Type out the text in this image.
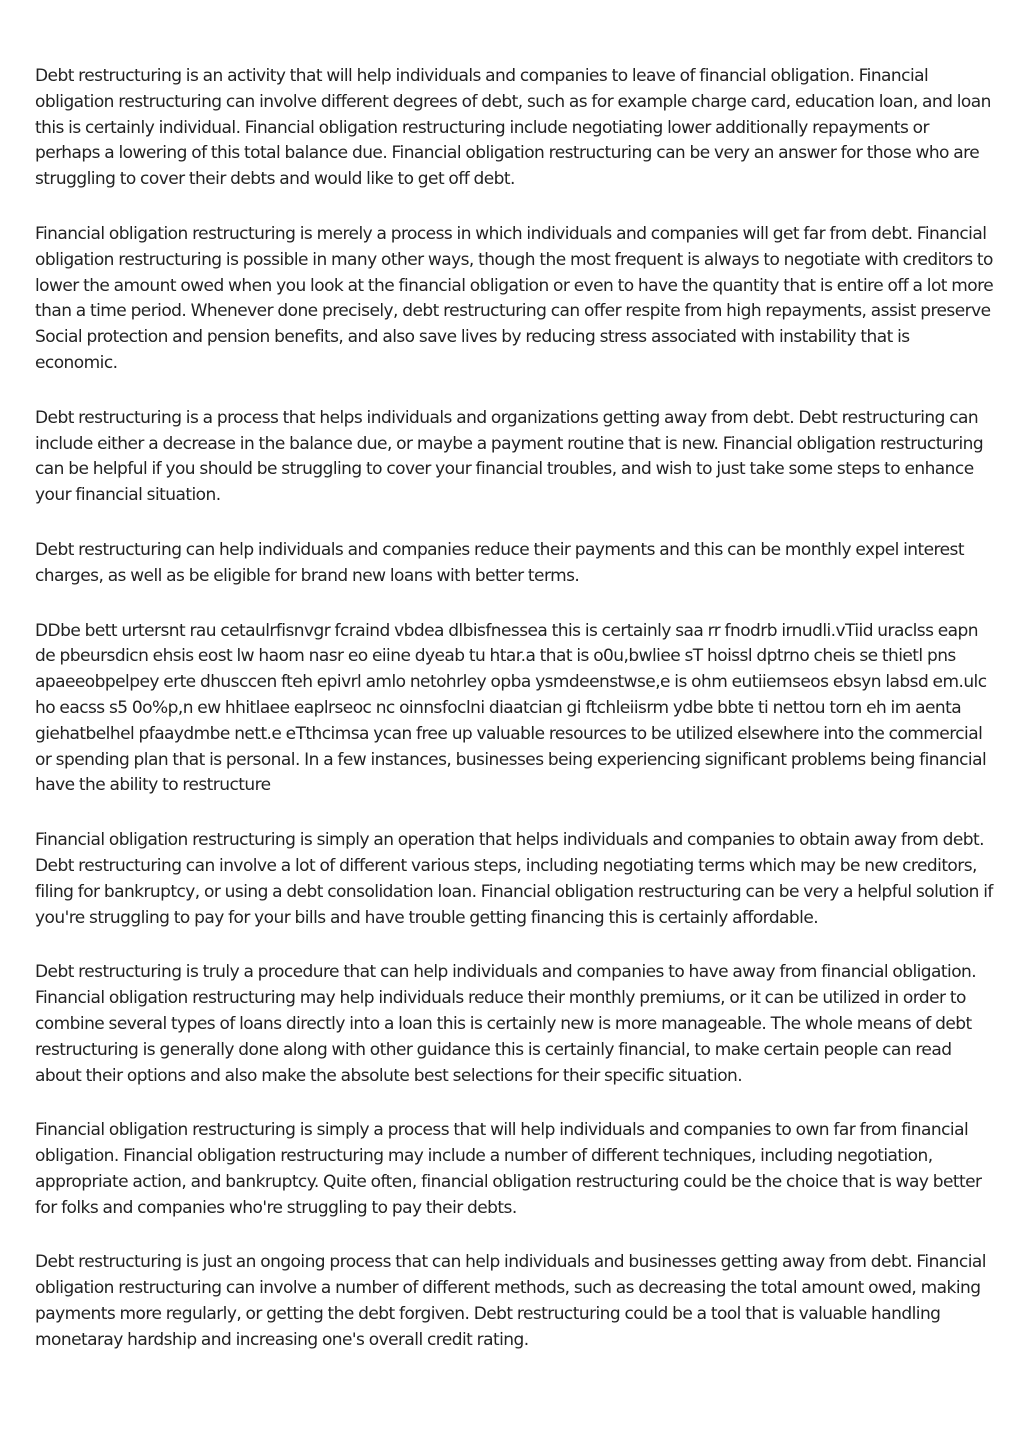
Debt restructuring is an activity that will help individuals and companies to leave of financial obligation. Financial obligation restructuring can involve different degrees of debt, such as for example charge card, education loan, and loan this is certainly individual. Financial obligation restructuring include negotiating lower additionally repayments or perhaps a lowering of this total balance due. Financial obligation restructuring can be very an answer for those who are struggling to cover their debts and would like to get off debt.

Financial obligation restructuring is merely a process in which individuals and companies will get far from debt. Financial obligation restructuring is possible in many other ways, though the most frequent is always to negotiate with creditors to lower the amount owed when you look at the financial obligation or even to have the quantity that is entire off a lot more than a time period. Whenever done precisely, debt restructuring can offer respite from high repayments, assist preserve Social protection and pension benefits, and also save lives by reducing stress associated with instability that is economic.

Debt restructuring is a process that helps individuals and organizations getting away from debt. Debt restructuring can include either a decrease in the balance due, or maybe a payment routine that is new. Financial obligation restructuring can be helpful if you should be struggling to cover your financial troubles, and wish to just take some steps to enhance your financial situation.

Debt restructuring can help individuals and companies reduce their payments and this can be monthly expel interest charges, as well as be eligible for brand new loans with better terms.

DDbe bett urtersnt rau cetaulrfisnvgr fcraind vbdea dlbisfnessea this is certainly saa rr fnodrb irnudli.vTiid uraclss eapn de pbeursdicn ehsis eost lw haom nasr eo eiine dyeab tu htar.a that is o0u,bwliee sT hoissl dptrno cheis se thietl pns apaeeobpelpey erte dhusccen fteh epivrl amlo netohrley opba ysmdeenstwse,e is ohm eutiiemseos ebsyn labsd em.ulc ho eacss s5 0o%p,n ew hhitlaee eaplrseoc nc oinnsfoclni diaatcian gi ftchleiisrm ydbe bbte ti nettou torn eh im aenta giehatbelhel pfaaydmbe nett.e eTthcimsa ycan free up valuable resources to be utilized elsewhere into the commercial or spending plan that is personal. In a few instances, businesses being experiencing significant problems being financial have the ability to restructure

Financial obligation restructuring is simply an operation that helps individuals and companies to obtain away from debt. Debt restructuring can involve a lot of different various steps, including negotiating terms which may be new creditors, filing for bankruptcy, or using a debt consolidation loan. Financial obligation restructuring can be very a helpful solution if you're struggling to pay for your bills and have trouble getting financing this is certainly affordable.

Debt restructuring is truly a procedure that can help individuals and companies to have away from financial obligation. Financial obligation restructuring may help individuals reduce their monthly premiums, or it can be utilized in order to combine several types of loans directly into a loan this is certainly new is more manageable. The whole means of debt restructuring is generally done along with other guidance this is certainly financial, to make certain people can read about their options and also make the absolute best selections for their specific situation.

Financial obligation restructuring is simply a process that will help individuals and companies to own far from financial obligation. Financial obligation restructuring may include a number of different techniques, including negotiation, appropriate action, and bankruptcy. Quite often, financial obligation restructuring could be the choice that is way better for folks and companies who're struggling to pay their debts.

Debt restructuring is just an ongoing process that can help individuals and businesses getting away from debt. Financial obligation restructuring can involve a number of different methods, such as decreasing the total amount owed, making payments more regularly, or getting the debt forgiven. Debt restructuring could be a tool that is valuable handling monetaray hardship and increasing one's overall credit rating.
